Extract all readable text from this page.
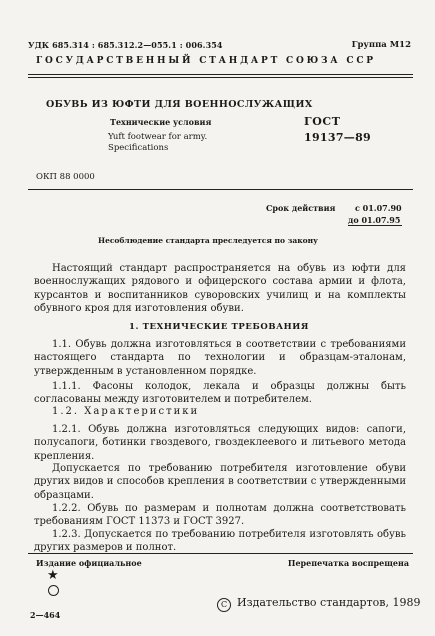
УДК 685.314 : 685.312.2—055.1 : 006.354	Группа М12
ГОСУДАРСТВЕННЫЙ СТАНДАРТ СОЮЗА ССР
ОБУВЬ ИЗ ЮФТИ ДЛЯ ВОЕННОСЛУЖАЩИХ
Технические условия
Yuft footwear for army.
Specifications
ГОСТ
19137—89
ОКП 88 0000
Срок действия с 01.07.90
до 01.07.95
Несоблюдение стандарта преследуется по закону
Настоящий стандарт распространяется на обувь из юфти для военнослужащих рядового и офицерского состава армии и флота, курсантов и воспитанников суворовских училищ и на комплекты обувного кроя для изготовления обуви.
1. ТЕХНИЧЕСКИЕ ТРЕБОВАНИЯ
1.1. Обувь должна изготовляться в соответствии с требованиями настоящего стандарта по технологии и образцам-эталонам, утвержденным в установленном порядке.
1.1.1. Фасоны колодок, лекала и образцы должны быть согласованы между изготовителем и потребителем.
1.2. Характеристики
1.2.1. Обувь должна изготовляться следующих видов: сапоги, полусапоги, ботинки гвоздевого, гвоздеклеевого и литьевого метода крепления.
Допускается по требованию потребителя изготовление обуви других видов и способов крепления в соответствии с утвержденными образцами.
1.2.2. Обувь по размерам и полнотам должна соответствовать требованиям ГОСТ 11373 и ГОСТ 3927.
1.2.3. Допускается по требованию потребителя изготовлять обувь других размеров и полнот.
Издание официальное	Перепечатка воспрещена
★
C Издательство стандартов, 1989
2—464
